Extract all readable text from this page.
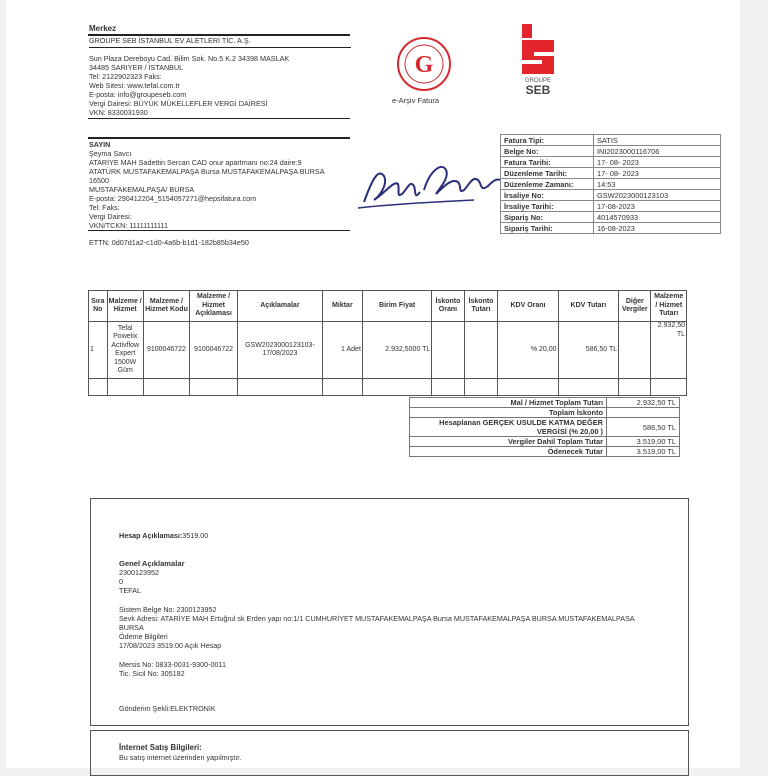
Merkez
GROUPE SEB İSTANBUL EV ALETLERİ TİC. A.Ş.
Sun Plaza Dereboyu Cad. Bilim Sok. No.5 K.2 34398 MASLAK
34485 SARIYER / İSTANBUL
Tel: 2122902323 Faks:
Web Sitesi: www.tefal.com.tr
E-posta: info@groupeseb.com
Vergi Dairesi: BÜYÜK MÜKELLEFLER VERGİ DAİRESİ
VKN: 8330031930
G
e-Arşiv Fatura
GROUPE
SEB
SAYIN
Şeyma Savcı
ATARİYE MAH Sadettin Sercan CAD onur apartmanı no:24 daire:9
ATATÜRK MUSTAFAKEMALPAŞA Bursa MUSTAFAKEMALPAŞA BURSA
16500
MUSTAFAKEMALPAŞA/ BURSA
E-posta: 290412204_5154057271@hepsifatura.com
Tel: Faks:
Vergi Dairesi:
VKN/TCKN: 11111111111
Fatura Tipi:	SATIS
Belge No:	INI2023000116706
Fatura Tarihi:	17- 08- 2023
Düzenleme Tarihi:	17- 08- 2023
Düzenleme Zamanı:	14:53
İrsaliye No:	GSW2023000123103
İrsaliye Tarihi:	17-08-2023
Sipariş No:	4014570933
Sipariş Tarihi:	16-08-2023
ETTN: 0d07d1a2-c1d0-4a6b-b1d1-182b85b34e50
Sıra No	Malzeme / Hizmet	Malzeme / Hizmet Kodu	Malzeme / Hizmet Açıklaması	Açıklamalar	Miktar	Birim Fiyat	İskonto Oranı	İskonto Tutarı	KDV Oranı	KDV Tutarı	Diğer Vergiler	Malzeme / Hizmet Tutarı
1	Tefal Powelix Activflow Expert 1500W Güm	9100046722	9100046722	GSW2023000123103-17/08/2023	1 Adet	2.932,5000 TL			% 20,00	586,50 TL		2.932,50 TL

Mal / Hizmet Toplam Tutarı	2.932,50 TL
Toplam İskonto	
Hesaplanan GERÇEK USULDE KATMA DEĞER VERGİSİ (% 20,00 )	586,50 TL
Vergiler Dahil Toplam Tutar	3.519,00 TL
Ödenecek Tutar	3.519,00 TL
Hesap Açıklaması:3519.00
Genel Açıklamalar
2300123952
0
TEFAL
Sistem Belge No: 2300123952
Sevk Adresi: ATARİYE MAH Ertuğrul sk Erden yapı no:1/1 CUMHURİYET MUSTAFAKEMALPAŞA Bursa MUSTAFAKEMALPAŞA BURSA MUSTAFAKEMALPASA
BURSA
Ödeme Bilgileri
17/08/2023 3519.00 Açık Hesap
Mersis No: 0833-0031-9300-0011
Tic. Sicil No: 305182
Gönderim Şekli:ELEKTRONIK
İnternet Satış Bilgileri:
Bu satış internet üzerinden yapılmıştır.
